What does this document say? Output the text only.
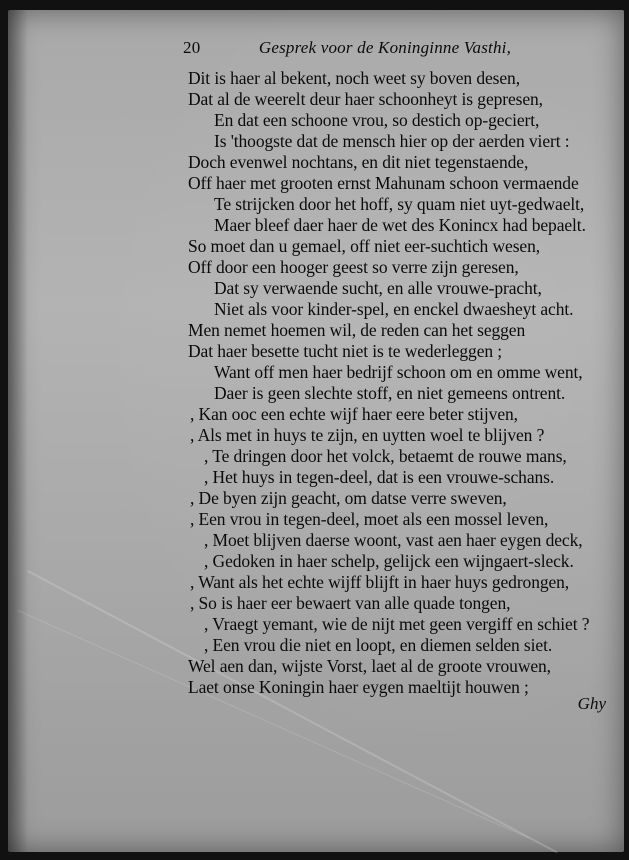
20	Gesprek voor de Koninginne Vasthi,
Dit is haer al bekent, noch weet sy boven desen,
Dat al de weerelt deur haer schoonheyt is gepresen,
En dat een schoone vrou, so destich op-geciert,
Is 'thoogste dat de mensch hier op der aerden viert :
Doch evenwel nochtans, en dit niet tegenstaende,
Off haer met grooten ernst Mahunam schoon vermaende
Te strijcken door het hoff, sy quam niet uyt-gedwaelt,
Maer bleef daer haer de wet des Konincx had bepaelt.
So moet dan u gemael, off niet eer-suchtich wesen,
Off door een hooger geest so verre zijn geresen,
Dat sy verwaende sucht, en alle vrouwe-pracht,
Niet als voor kinder-spel, en enckel dwaesheyt acht.
Men nemet hoemen wil, de reden can het seggen
Dat haer besette tucht niet is te wederleggen ;
Want off men haer bedrijf schoon om en omme went,
Daer is geen slechte stoff, en niet gemeens ontrent.
, Kan ooc een echte wijf haer eere beter stijven,
, Als met in huys te zijn, en uytten woel te blijven ?
, Te dringen door het volck, betaemt de rouwe mans,
, Het huys in tegen-deel, dat is een vrouwe-schans.
, De byen zijn geacht, om datse verre sweven,
, Een vrou in tegen-deel, moet als een mossel leven,
, Moet blijven daerse woont, vast aen haer eygen deck,
, Gedoken in haer schelp, gelijck een wijngaert-sleck.
, Want als het echte wijff blijft in haer huys gedrongen,
, So is haer eer bewaert van alle quade tongen,
, Vraegt yemant, wie de nijt met geen vergiff en schiet ?
, Een vrou die niet en loopt, en diemen selden siet.
Wel aen dan, wijste Vorst, laet al de groote vrouwen,
Laet onse Koningin haer eygen maeltijt houwen ;
Ghy
